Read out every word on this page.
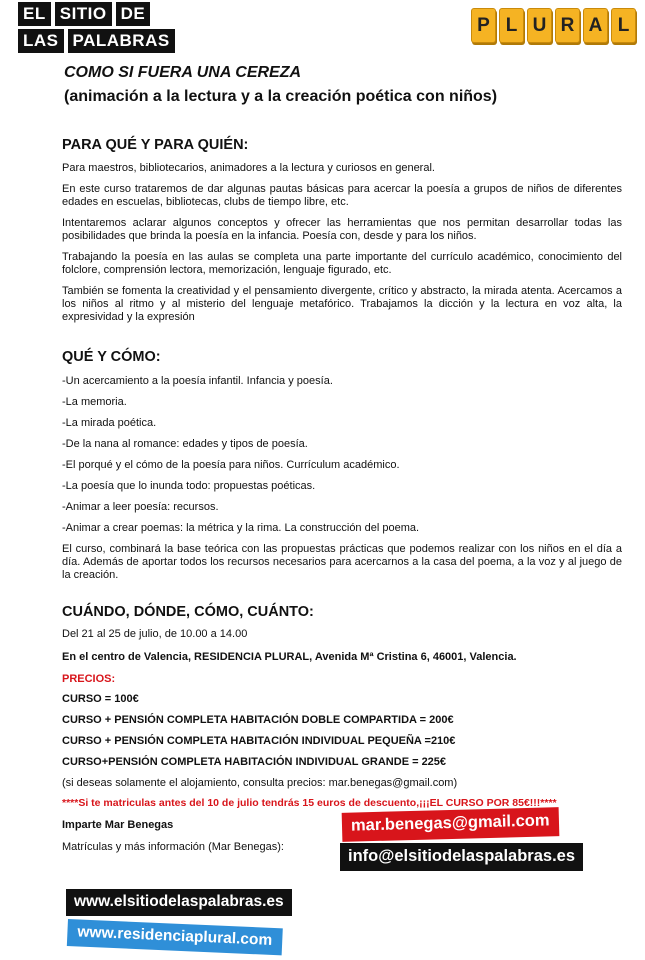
EL SITIO DE
LAS PALABRAS
P L U R A L
COMO SI FUERA UNA CEREZA
(animación a la lectura y a la creación poética con niños)

PARA QUÉ Y PARA QUIÉN:

Para maestros, bibliotecarios, animadores a la lectura y curiosos en general.

En este curso trataremos de dar algunas pautas básicas para acercar la poesía a grupos de niños de diferentes edades en escuelas, bibliotecas, clubs de tiempo libre, etc.

Intentaremos aclarar algunos conceptos y ofrecer las herramientas que nos permitan desarrollar todas las posibilidades que brinda la poesía en la infancia. Poesía con, desde y para los niños.

Trabajando la poesía en las aulas se completa una parte importante del currículo académico, conocimiento del folclore, comprensión lectora, memorización, lenguaje figurado, etc.

También se fomenta la creatividad y el pensamiento divergente, crítico y abstracto, la mirada atenta. Acercamos a los niños al ritmo y al misterio del lenguaje metafórico. Trabajamos la dicción y la lectura en voz alta, la expresividad y la expresión

QUÉ Y CÓMO:

-Un acercamiento a la poesía infantil. Infancia y poesía.

-La memoria.

-La mirada poética.

-De la nana al romance: edades y tipos de poesía.

-El porqué y el cómo de la poesía para niños. Currículum académico.

-La poesía que lo inunda todo: propuestas poéticas.

-Animar a leer poesía: recursos.

-Animar a crear poemas: la métrica y la rima. La construcción del poema.

El curso, combinará la base teórica con las propuestas prácticas que podemos realizar con los niños en el día a día. Además de aportar todos los recursos necesarios para acercarnos a la casa del poema, a la voz y al juego de la creación.

CUÁNDO, DÓNDE, CÓMO, CUÁNTO:

Del 21 al 25 de julio, de 10.00 a 14.00

En el centro de Valencia, RESIDENCIA PLURAL, Avenida Mª Cristina 6, 46001, Valencia.

PRECIOS:

CURSO = 100€

CURSO + PENSIÓN COMPLETA HABITACIÓN DOBLE COMPARTIDA = 200€

CURSO + PENSIÓN COMPLETA HABITACIÓN INDIVIDUAL PEQUEÑA =210€

CURSO+PENSIÓN COMPLETA HABITACIÓN INDIVIDUAL GRANDE = 225€

(si deseas solamente el alojamiento, consulta precios: mar.benegas@gmail.com)

****Si te matriculas antes del 10 de julio tendrás 15 euros de descuento,¡¡¡EL CURSO POR 85€!!!****

Imparte Mar Benegas
Matrículas y más información (Mar Benegas):
mar.benegas@gmail.com
info@elsitiodelaspalabras.es
www.elsitiodelaspalabras.es
www.residenciaplural.com
